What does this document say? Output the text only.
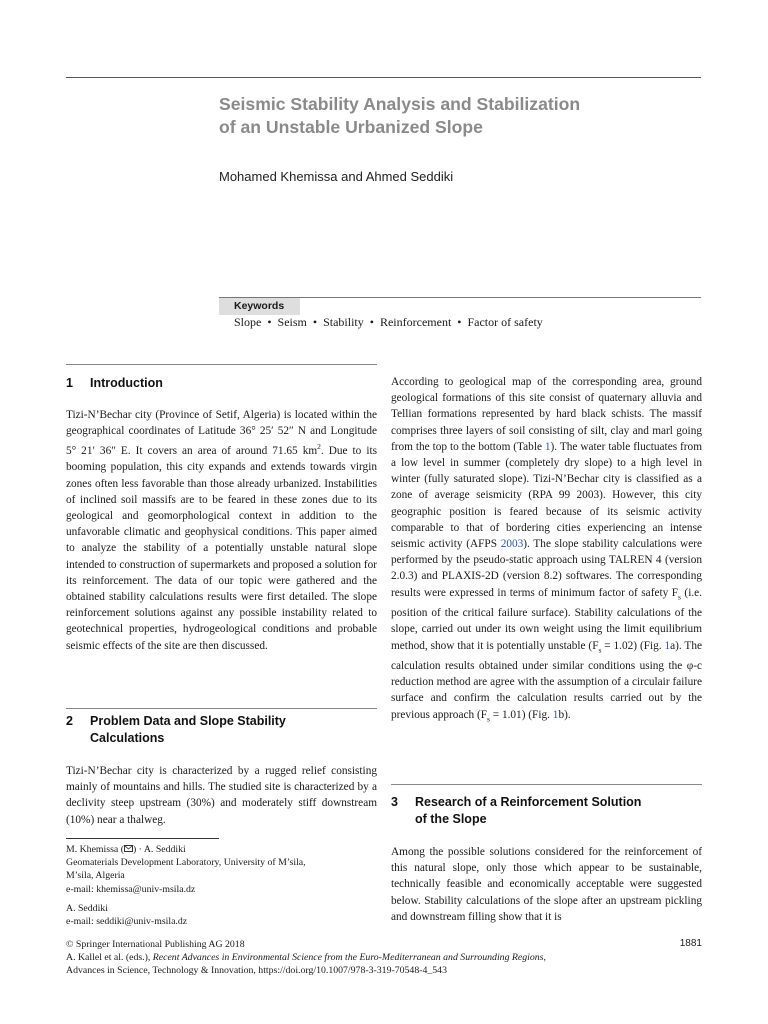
Seismic Stability Analysis and Stabilization
of an Unstable Urbanized Slope
Mohamed Khemissa and Ahmed Seddiki
Keywords
Slope • Seism • Stability • Reinforcement • Factor of safety
1 Introduction

Tizi-N’Bechar city (Province of Setif, Algeria) is located within the geographical coordinates of Latitude 36° 25′ 52″ N and Longitude 5° 21′ 36″ E. It covers an area of around 71.65 $km^2$. Due to its booming population, this city expands and extends towards virgin zones often less favorable than those already urbanized. Instabilities of inclined soil massifs are to be feared in these zones due to its geological and geomorphological context in addition to the unfavorable climatic and geophysical conditions. This paper aimed to analyze the stability of a potentially unstable natural slope intended to construction of supermarkets and proposed a solution for its reinforcement. The data of our topic were gathered and the obtained stability calculations results were first detailed. The slope reinforcement solutions against any possible instability related to geotechnical properties, hydrogeological conditions and probable seismic effects of the site are then discussed.

2 Problem Data and Slope Stability
Calculations

Tizi-N’Bechar city is characterized by a rugged relief consisting mainly of mountains and hills. The studied site is characterized by a declivity steep upstream (30%) and moderately stiff downstream (10%) near a thalweg.

M. Khemissa ( ) · A. Seddiki
Geomaterials Development Laboratory, University of M’sila,
M’sila, Algeria
e-mail: khemissa@univ-msila.dz
A. Seddiki
e-mail: seddiki@univ-msila.dz

According to geological map of the corresponding area, ground geological formations of this site consist of quaternary alluvia and Tellian formations represented by hard black schists. The massif comprises three layers of soil consisting of silt, clay and marl going from the top to the bottom (Table 1). The water table fluctuates from a low level in summer (completely dry slope) to a high level in winter (fully saturated slope). Tizi-N’Bechar city is classified as a zone of average seismicity (RPA 99 2003). However, this city geographic position is feared because of its seismic activity comparable to that of bordering cities experiencing an intense seismic activity (AFPS 2003). The slope stability calculations were performed by the pseudo-static approach using TALREN 4 (version 2.0.3) and PLAXIS-2D (version 8.2) softwares. The corresponding results were expressed in terms of minimum factor of safety $F_s$ (i.e. position of the critical failure surface). Stability calculations of the slope, carried out under its own weight using the limit equilibrium method, show that it is potentially unstable $(F_s = 1.02)$ (Fig. 1a). The calculation results obtained under similar conditions using the φ-c reduction method are agree with the assumption of a circulair failure surface and confirm the calculation results carried out by the previous approach $(F_s = 1.01)$ (Fig. 1b).

3 Research of a Reinforcement Solution
of the Slope

Among the possible solutions considered for the reinforcement of this natural slope, only those which appear to be sustainable, technically feasible and economically acceptable were suggested below. Stability calculations of the slope after an upstream pickling and downstream filling show that it is

© Springer International Publishing AG 2018
A. Kallel et al. (eds.), Recent Advances in Environmental Science from the Euro-Mediterranean and Surrounding Regions,
Advances in Science, Technology & Innovation, https://doi.org/10.1007/978-3-319-70548-4_543
1881
